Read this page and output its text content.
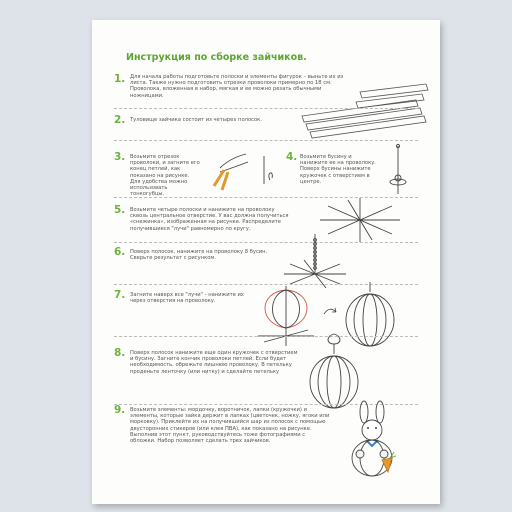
Инструкция по сборке зайчиков.
1. Для начала работы подготовьте полоски и элементы фигурок – выньте их из листа. Также нужно подготовить отрезки проволоки примерно по 18 см. Проволока, вложенная в набор, мягкая и ее можно резать обычными ножницами.
2. Туловище зайчика состоит из четырех полосок.
3. Возьмите отрезок проволоки, и загните его конец петлей, как показано на рисунке. Для удобства можно использовать тонкогубцы.
4. Возьмите бусину и нанижите ее на проволоку. Поверх бусины нанижите кружочек с отверстием в центре.
5. Возьмите четыре полоски и нанижите на проволоку сквозь центральное отверстие. У вас должна получиться «снежинка», изображенная на рисунке. Распределите получившиеся "лучи" равномерно по кругу.
6. Поверх полосок, нанижите на проволоку 8 бусин. Сверьте результат с рисунком.
7. Загните наверх все "лучи" - нанижите их через отверстия на проволоку.
8. Поверх полосок нанижите еще один кружочек с отверстием и бусину. Загните кончик проволоки петлей. Если будет необходимость, обрежьте лишнюю проволоку. В петельку проденьте ленточку (или нитку) и сделайте петельку
9. Возьмите элементы: мордочку, воротничок, лапки (кружочки) и элементы, которые зайка держит в лапках (цветочек, ножку, ягоки или морковку). Приклейте их на получившийся шар из полосок с помощью двусторонних стикеров (или клея ПВА), как показано на рисунке. Выполнив этот пункт, руководствуйтесь тоже фотографиями с обложки. Набор позволяет сделать трех зайчиков.
